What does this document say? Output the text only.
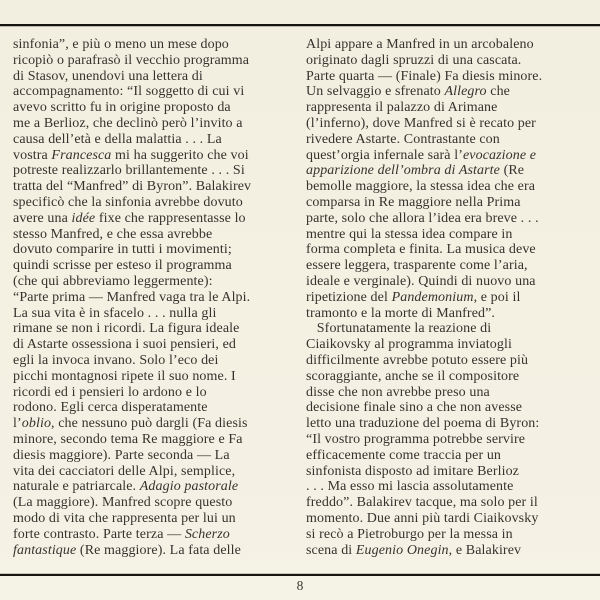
sinfonia”, e più o meno un mese dopo
ricopiò o parafrasò il vecchio programma
di Stasov, unendovi una lettera di
accompagnamento: “Il soggetto di cui vi
avevo scritto fu in origine proposto da
me a Berlioz, che declinò però l’invito a
causa dell’età e della malattia . . . La
vostra Francesca mi ha suggerito che voi
potreste realizzarlo brillantemente . . . Si
tratta del “Manfred” di Byron”. Balakirev
specificò che la sinfonia avrebbe dovuto
avere una idée fixe che rappresentasse lo
stesso Manfred, e che essa avrebbe
dovuto comparire in tutti i movimenti;
quindi scrisse per esteso il programma
(che qui abbreviamo leggermente):
“Parte prima — Manfred vaga tra le Alpi.
La sua vita è in sfacelo . . . nulla gli
rimane se non i ricordi. La figura ideale
di Astarte ossessiona i suoi pensieri, ed
egli la invoca invano. Solo l’eco dei
picchi montagnosi ripete il suo nome. I
ricordi ed i pensieri lo ardono e lo
rodono. Egli cerca disperatamente
l’oblio, che nessuno può dargli (Fa diesis
minore, secondo tema Re maggiore e Fa
diesis maggiore). Parte seconda — La
vita dei cacciatori delle Alpi, semplice,
naturale e patriarcale. Adagio pastorale
(La maggiore). Manfred scopre questo
modo di vita che rappresenta per lui un
forte contrasto. Parte terza — Scherzo
fantastique (Re maggiore). La fata delle
Alpi appare a Manfred in un arcobaleno
originato dagli spruzzi di una cascata.
Parte quarta — (Finale) Fa diesis minore.
Un selvaggio e sfrenato Allegro che
rappresenta il palazzo di Arimane
(l’inferno), dove Manfred si è recato per
rivedere Astarte. Contrastante con
quest’orgia infernale sarà l’evocazione e
apparizione dell’ombra di Astarte (Re
bemolle maggiore, la stessa idea che era
comparsa in Re maggiore nella Prima
parte, solo che allora l’idea era breve . . .
mentre qui la stessa idea compare in
forma completa e finita. La musica deve
essere leggera, trasparente come l’aria,
ideale e verginale). Quindi di nuovo una
ripetizione del Pandemonium, e poi il
tramonto e la morte di Manfred”.
Sfortunatamente la reazione di
Ciaikovsky al programma inviatogli
difficilmente avrebbe potuto essere più
scoraggiante, anche se il compositore
disse che non avrebbe preso una
decisione finale sino a che non avesse
letto una traduzione del poema di Byron:
“Il vostro programma potrebbe servire
efficacemente come traccia per un
sinfonista disposto ad imitare Berlioz
. . . Ma esso mi lascia assolutamente
freddo”. Balakirev tacque, ma solo per il
momento. Due anni più tardi Ciaikovsky
si recò a Pietroburgo per la messa in
scena di Eugenio Onegin, e Balakirev
8
